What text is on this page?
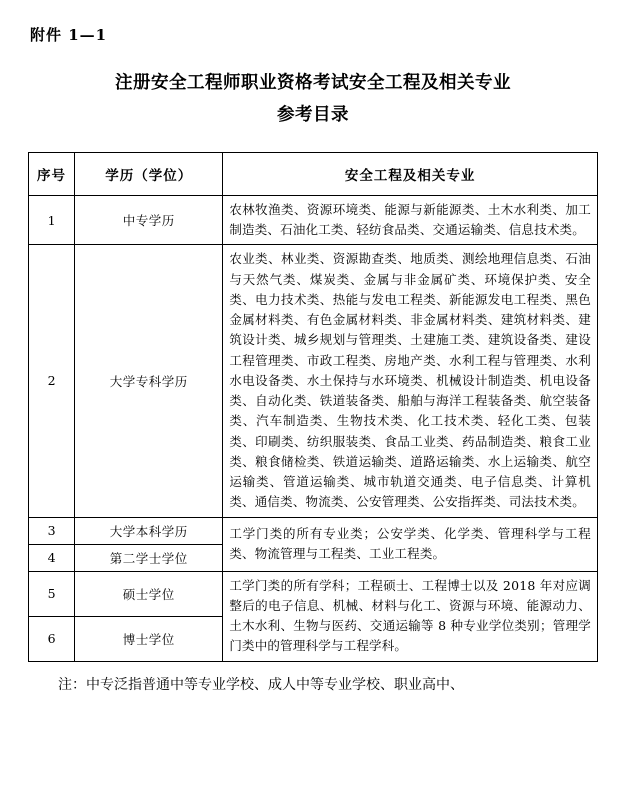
附件 1—1
注册安全工程师职业资格考试安全工程及相关专业
参考目录
序号	学历（学位）	安全工程及相关专业
1	中专学历	农林牧渔类、资源环境类、能源与新能源类、土木水利类、加工制造类、石油化工类、轻纺食品类、交通运输类、信息技术类。
2	大学专科学历	农业类、林业类、资源勘查类、地质类、测绘地理信息类、石油与天然气类、煤炭类、金属与非金属矿类、环境保护类、安全类、电力技术类、热能与发电工程类、新能源发电工程类、黑色金属材料类、有色金属材料类、非金属材料类、建筑材料类、建筑设计类、城乡规划与管理类、土建施工类、建筑设备类、建设工程管理类、市政工程类、房地产类、水利工程与管理类、水利水电设备类、水土保持与水环境类、机械设计制造类、机电设备类、自动化类、铁道装备类、船舶与海洋工程装备类、航空装备类、汽车制造类、生物技术类、化工技术类、轻化工类、包装类、印刷类、纺织服装类、食品工业类、药品制造类、粮食工业类、粮食储检类、铁道运输类、道路运输类、水上运输类、航空运输类、管道运输类、城市轨道交通类、电子信息类、计算机类、通信类、物流类、公安管理类、公安指挥类、司法技术类。
3	大学本科学历	工学门类的所有专业类；公安学类、化学类、管理科学与工程类、物流管理与工程类、工业工程类。
4	第二学士学位	
5	硕士学位	工学门类的所有学科；工程硕士、工程博士以及 2018 年对应调整后的电子信息、机械、材料与化工、资源与环境、能源动力、土木水利、生物与医药、交通运输等 8 种专业学位类别；管理学门类中的管理科学与工程学科。
6	博士学位	
注：中专泛指普通中等专业学校、成人中等专业学校、职业高中、
